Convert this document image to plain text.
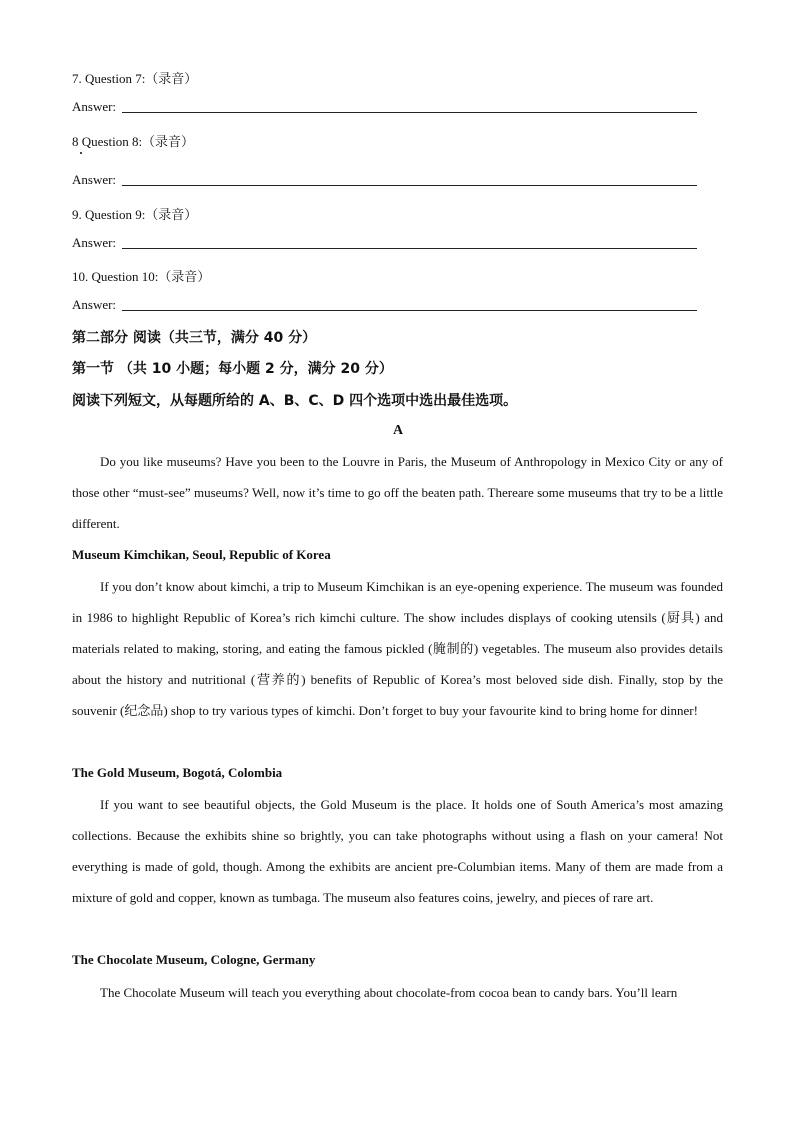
7. Question 7:（录音）
Answer:
8 Question 8:（录音）
Answer:
9. Question 9:（录音）
Answer:
10. Question 10:（录音）
Answer:
第二部分 阅读（共三节，满分 40 分）
第一节 （共 10 小题；每小题 2 分，满分 20 分）
阅读下列短文，从每题所给的 A、B、C、D 四个选项中选出最佳选项。
A

Do you like museums? Have you been to the Louvre in Paris, the Museum of Anthropology in Mexico City or any of those other “must-see” museums? Well, now it’s time to go off the beaten path. Thereare some museums that try to be a little different.

Museum Kimchikan, Seoul, Republic of Korea

If you don’t know about kimchi, a trip to Museum Kimchikan is an eye-opening experience. The museum was founded in 1986 to highlight Republic of Korea’s rich kimchi culture. The show includes displays of cooking utensils (厨具) and materials related to making, storing, and eating the famous pickled (腌制的) vegetables. The museum also provides details about the history and nutritional (营养的) benefits of Republic of Korea’s most beloved side dish. Finally, stop by the souvenir (纪念品) shop to try various types of kimchi. Don’t forget to buy your favourite kind to bring home for dinner!

The Gold Museum, Bogotá, Colombia

If you want to see beautiful objects, the Gold Museum is the place. It holds one of South America’s most amazing collections. Because the exhibits shine so brightly, you can take photographs without using a flash on your camera! Not everything is made of gold, though. Among the exhibits are ancient pre-Columbian items. Many of them are made from a mixture of gold and copper, known as tumbaga. The museum also features coins, jewelry, and pieces of rare art.

The Chocolate Museum, Cologne, Germany

The Chocolate Museum will teach you everything about chocolate-from cocoa bean to candy bars. You’ll learn
